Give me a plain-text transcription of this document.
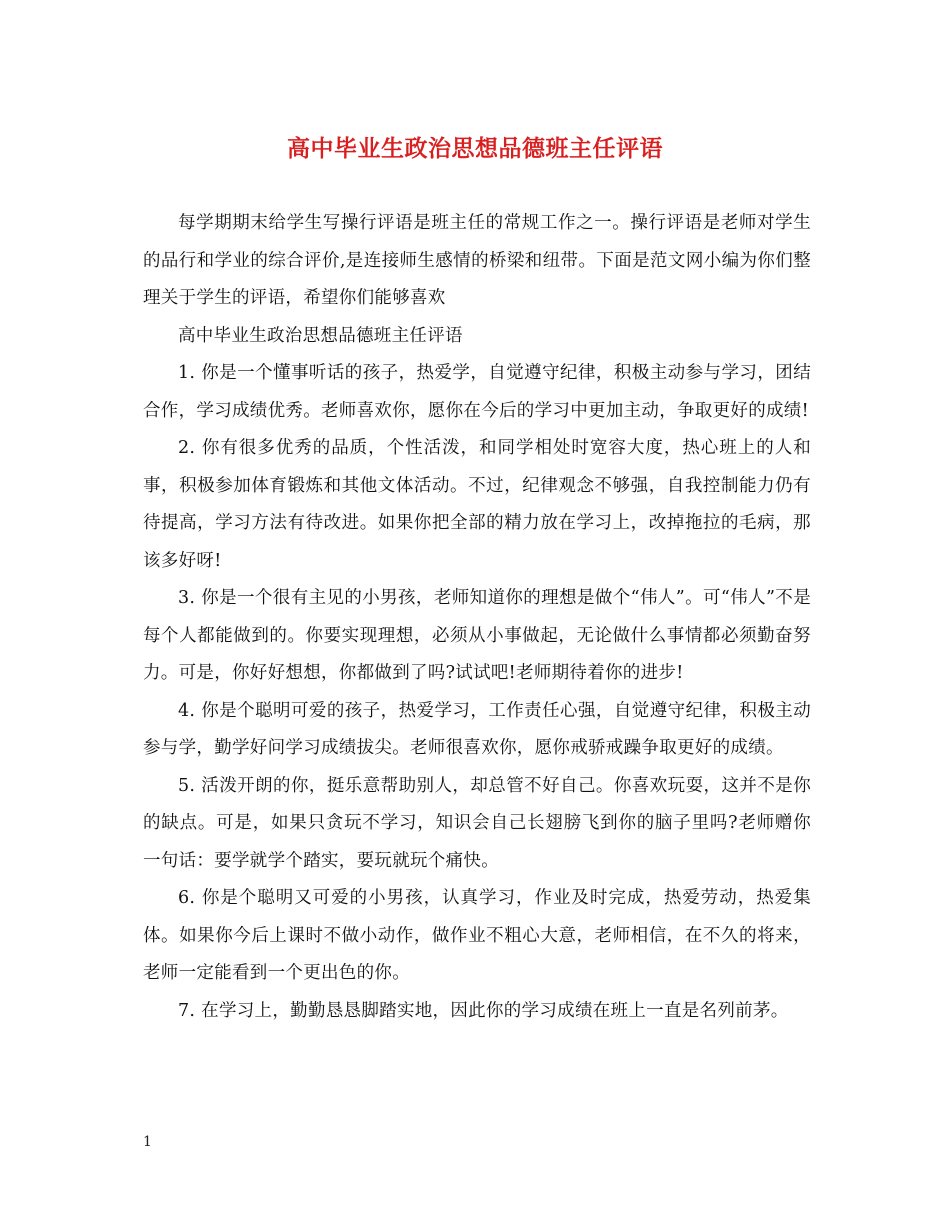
高中毕业生政治思想品德班主任评语

每学期期末给学生写操行评语是班主任的常规工作之一。操行评语是老师对学生的品行和学业的综合评价,是连接师生感情的桥梁和纽带。下面是范文网小编为你们整理关于学生的评语，希望你们能够喜欢

高中毕业生政治思想品德班主任评语

1. 你是一个懂事听话的孩子，热爱学，自觉遵守纪律，积极主动参与学习，团结合作，学习成绩优秀。老师喜欢你，愿你在今后的学习中更加主动，争取更好的成绩!

2. 你有很多优秀的品质，个性活泼，和同学相处时宽容大度，热心班上的人和事，积极参加体育锻炼和其他文体活动。不过，纪律观念不够强，自我控制能力仍有待提高，学习方法有待改进。如果你把全部的精力放在学习上，改掉拖拉的毛病，那该多好呀!

3. 你是一个很有主见的小男孩，老师知道你的理想是做个“伟人”。可“伟人”不是每个人都能做到的。你要实现理想，必须从小事做起，无论做什么事情都必须勤奋努力。可是，你好好想想，你都做到了吗?试试吧!老师期待着你的进步!

4. 你是个聪明可爱的孩子，热爱学习，工作责任心强，自觉遵守纪律，积极主动参与学，勤学好问学习成绩拔尖。老师很喜欢你，愿你戒骄戒躁争取更好的成绩。

5. 活泼开朗的你，挺乐意帮助别人，却总管不好自己。你喜欢玩耍，这并不是你的缺点。可是，如果只贪玩不学习，知识会自己长翅膀飞到你的脑子里吗?老师赠你一句话：要学就学个踏实，要玩就玩个痛快。

6. 你是个聪明又可爱的小男孩，认真学习，作业及时完成，热爱劳动，热爱集体。如果你今后上课时不做小动作，做作业不粗心大意，老师相信，在不久的将来，老师一定能看到一个更出色的你。

7. 在学习上，勤勤恳恳脚踏实地，因此你的学习成绩在班上一直是名列前茅。

1
